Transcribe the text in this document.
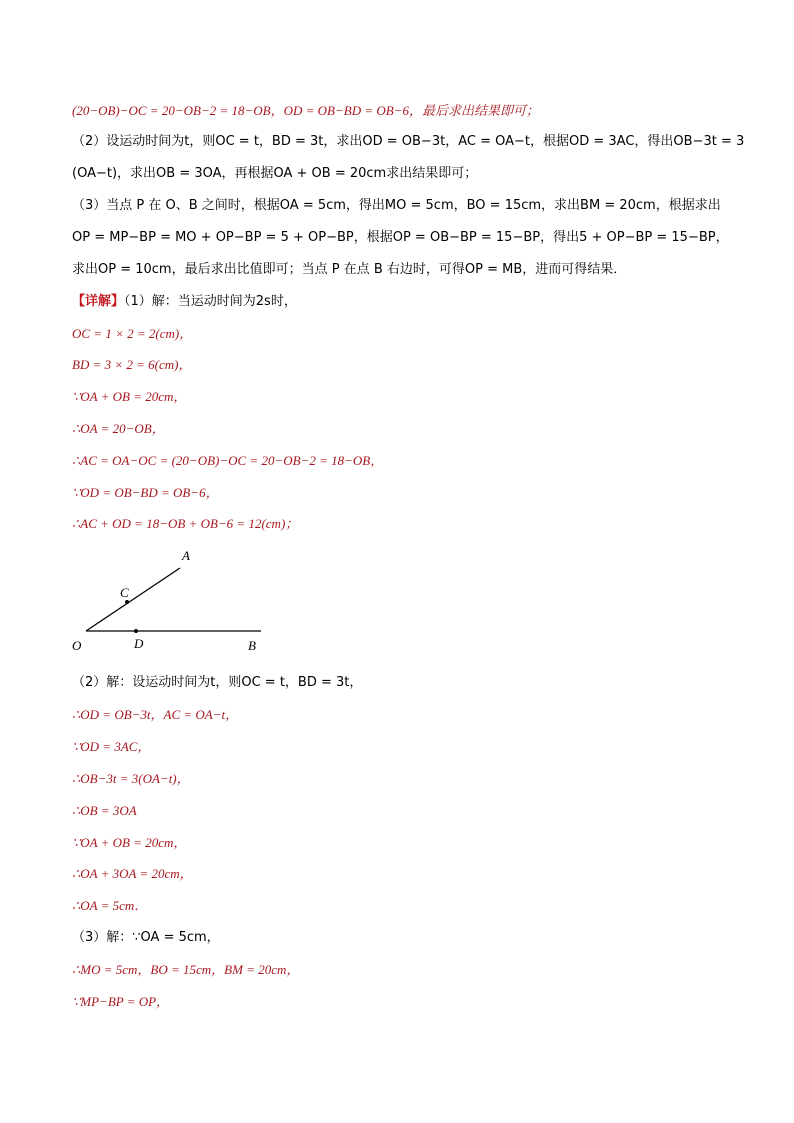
(20−OB)−OC = 20−OB−2 = 18−OB，OD = OB−BD = OB−6，最后求出结果即可；
（2）设运动时间为t，则OC = t，BD = 3t，求出OD = OB−3t，AC = OA−t，根据OD = 3AC，得出OB−3t = 3
(OA−t)，求出OB = 3OA，再根据OA + OB = 20cm求出结果即可；
（3）当点 P 在 O、B 之间时，根据OA = 5cm，得出MO = 5cm，BO = 15cm，求出BM = 20cm，根据求出
OP = MP−BP = MO + OP−BP = 5 + OP−BP，根据OP = OB−BP = 15−BP，得出5 + OP−BP = 15−BP，
求出OP = 10cm，最后求出比值即可；当点 P 在点 B 右边时，可得OP = MB，进而可得结果．
【详解】（1）解：当运动时间为2s时，
OC = 1 × 2 = 2(cm)，
BD = 3 × 2 = 6(cm)，
∵OA + OB = 20cm，
∴OA = 20−OB，
∴AC = OA−OC = (20−OB)−OC = 20−OB−2 = 18−OB，
∵OD = OB−BD = OB−6，
∴AC + OD = 18−OB + OB−6 = 12(cm)；
A
C
O	D	B
（2）解：设运动时间为t，则OC = t，BD = 3t，
∴OD = OB−3t，AC = OA−t，
∵OD = 3AC，
∴OB−3t = 3(OA−t)，
∴OB = 3OA
∵OA + OB = 20cm，
∴OA + 3OA = 20cm，
∴OA = 5cm．
（3）解：∵OA = 5cm，
∴MO = 5cm，BO = 15cm，BM = 20cm，
∵MP−BP = OP，
